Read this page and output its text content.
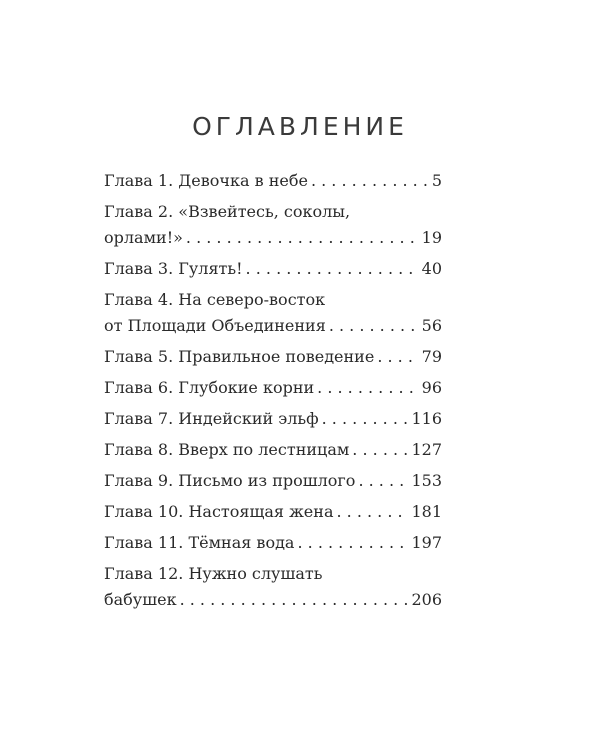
ОГЛАВЛЕНИЕ
Глава 1. Девочка в небе . . .	5
Глава 2. «Взвейтесь, соколы,
орлами!» . . .	19
Глава 3. Гулять! . . .	40
Глава 4. На северо-восток
от Площади Объединения . . .	56
Глава 5. Правильное поведение . . .	79
Глава 6. Глубокие корни . . .	96
Глава 7. Индейский эльф . . .	116
Глава 8. Вверх по лестницам . . .	127
Глава 9. Письмо из прошлого . . .	153
Глава 10. Настоящая жена . . .	181
Глава 11. Тёмная вода . . .	197
Глава 12. Нужно слушать
бабушек . . .	206
